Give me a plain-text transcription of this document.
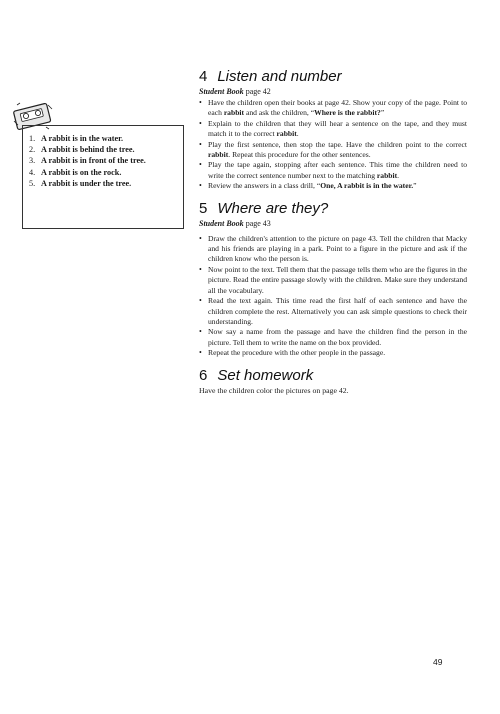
1. A rabbit is in the water.
2. A rabbit is behind the tree.
3. A rabbit is in front of the tree.
4. A rabbit is on the rock.
5. A rabbit is under the tree.
4 Listen and number

Student Book page 42

• Have the children open their books at page 42. Show your copy of the page. Point to each rabbit and ask the children, “Where is the rabbit?”
• Explain to the children that they will hear a sentence on the tape, and they must match it to the correct rabbit.
• Play the first sentence, then stop the tape. Have the children point to the correct rabbit. Repeat this procedure for the other sentences.
• Play the tape again, stopping after each sentence. This time the children need to write the correct sentence number next to the matching rabbit.
• Review the answers in a class drill, “One, A rabbit is in the water.”
5 Where are they?

Student Book page 43

• Draw the children's attention to the picture on page 43. Tell the children that Macky and his friends are playing in a park. Point to a figure in the picture and ask if the children know who the person is.
• Now point to the text. Tell them that the passage tells them who are the figures in the picture. Read the entire passage slowly with the children. Make sure they understand all the vocabulary.
• Read the text again. This time read the first half of each sentence and have the children complete the rest. Alternatively you can ask simple questions to check their understanding.
• Now say a name from the passage and have the children find the person in the picture. Tell them to write the name on the box provided.
• Repeat the procedure with the other people in the passage.
6 Set homework

Have the children color the pictures on page 42.

49
